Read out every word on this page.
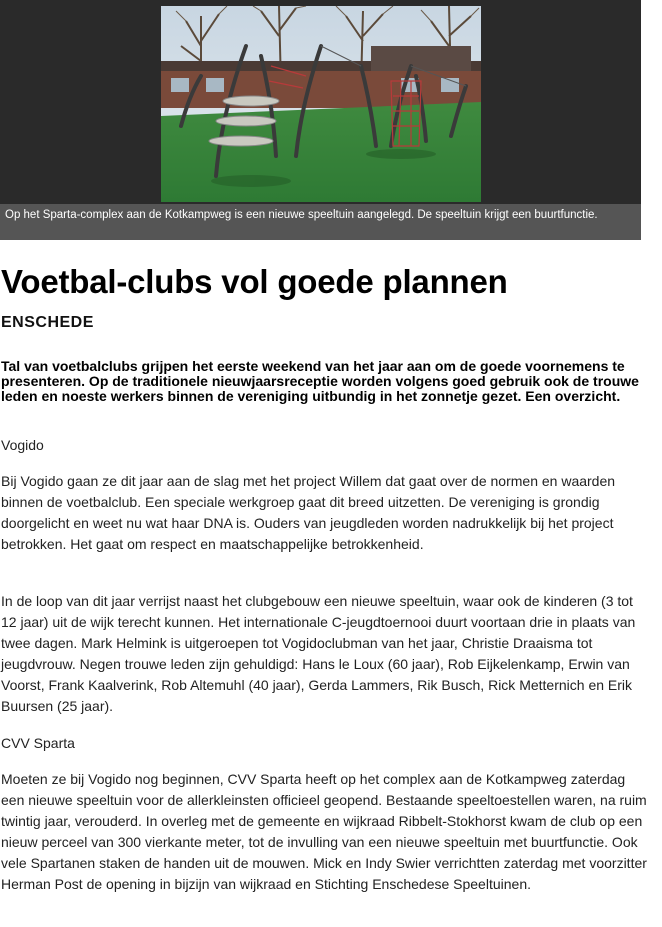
Op het Sparta-complex aan de Kotkampweg is een nieuwe speeltuin aangelegd. De speeltuin krijgt een buurtfunctie.
Voetbal-clubs vol goede plannen
ENSCHEDE

Tal van voetbalclubs grijpen het eerste weekend van het jaar aan om de goede voornemens te presenteren. Op de traditionele nieuwjaarsreceptie worden volgens goed gebruik ook de trouwe leden en noeste werkers binnen de vereniging uitbundig in het zonnetje gezet. Een overzicht.

Vogido

Bij Vogido gaan ze dit jaar aan de slag met het project Willem dat gaat over de normen en waarden binnen de voetbalclub. Een speciale werkgroep gaat dit breed uitzetten. De vereniging is grondig doorgelicht en weet nu wat haar DNA is. Ouders van jeugdleden worden nadrukkelijk bij het project betrokken. Het gaat om respect en maatschappelijke betrokkenheid.

In de loop van dit jaar verrijst naast het clubgebouw een nieuwe speeltuin, waar ook de kinderen (3 tot 12 jaar) uit de wijk terecht kunnen. Het internationale C-jeugdtoernooi duurt voortaan drie in plaats van twee dagen. Mark Helmink is uitgeroepen tot Vogidoclubman van het jaar, Christie Draaisma tot jeugdvrouw. Negen trouwe leden zijn gehuldigd: Hans le Loux (60 jaar), Rob Eijkelenkamp, Erwin van Voorst, Frank Kaalverink, Rob Altemuhl (40 jaar), Gerda Lammers, Rik Busch, Rick Metternich en Erik Buursen (25 jaar).

CVV Sparta

Moeten ze bij Vogido nog beginnen, CVV Sparta heeft op het complex aan de Kotkampweg zaterdag een nieuwe speeltuin voor de allerkleinsten officieel geopend. Bestaande speeltoestellen waren, na ruim twintig jaar, verouderd. In overleg met de gemeente en wijkraad Ribbelt-Stokhorst kwam de club op een nieuw perceel van 300 vierkante meter, tot de invulling van een nieuwe speeltuin met buurtfunctie. Ook vele Spartanen staken de handen uit de mouwen. Mick en Indy Swier verrichtten zaterdag met voorzitter Herman Post de opening in bijzijn van wijkraad en Stichting Enschedese Speeltuinen.
